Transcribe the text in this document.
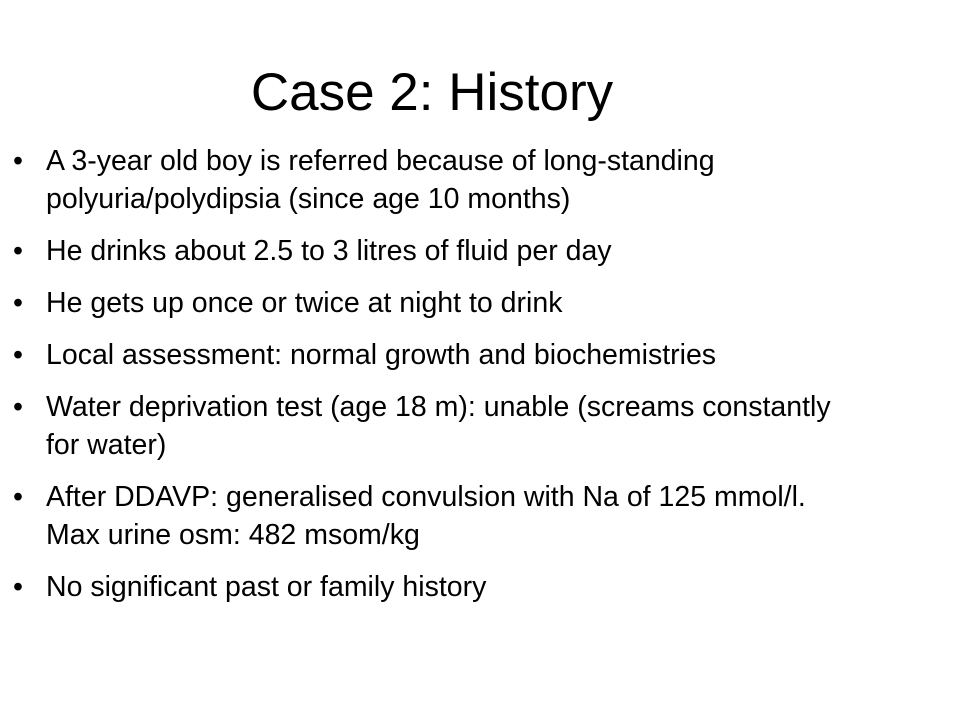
Case 2: History
• A 3-year old boy is referred because of long-standing polyuria/polydipsia (since age 10 months)
• He drinks about 2.5 to 3 litres of fluid per day
• He gets up once or twice at night to drink
• Local assessment: normal growth and biochemistries
• Water deprivation test (age 18 m): unable (screams constantly for water)
• After DDAVP: generalised convulsion with Na of 125 mmol/l. Max urine osm: 482 msom/kg
• No significant past or family history
